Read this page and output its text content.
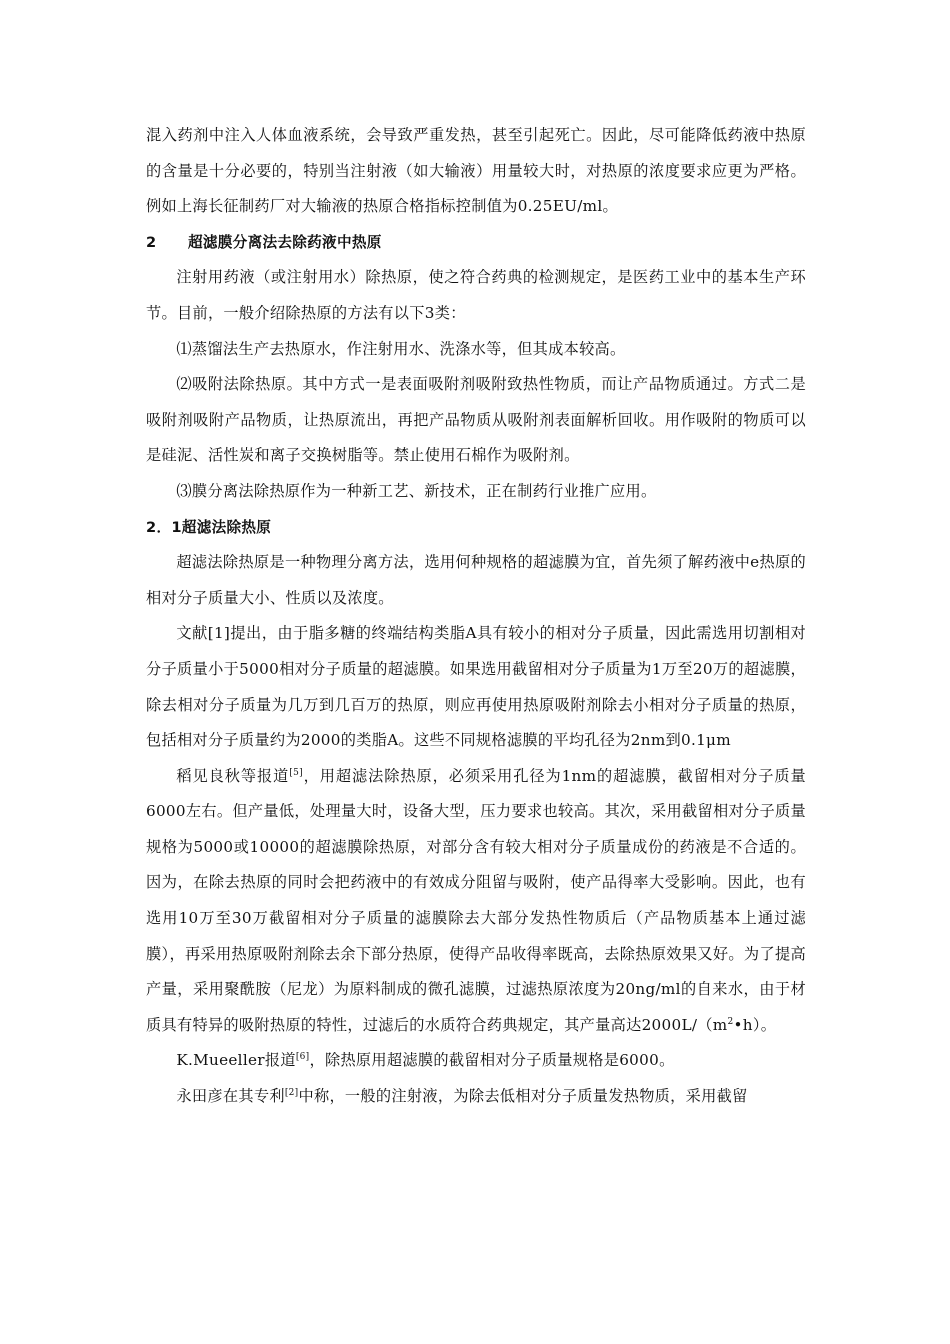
混入药剂中注入人体血液系统，会导致严重发热，甚至引起死亡。因此，尽可能降低药液中热原的含量是十分必要的，特别当注射液（如大输液）用量较大时，对热原的浓度要求应更为严格。例如上海长征制药厂对大输液的热原合格指标控制值为0.25EU/ml。

2 超滤膜分离法去除药液中热原

注射用药液（或注射用水）除热原，使之符合药典的检测规定，是医药工业中的基本生产环节。目前，一般介绍除热原的方法有以下3类：

⑴蒸馏法生产去热原水，作注射用水、洗涤水等，但其成本较高。

⑵吸附法除热原。其中方式一是表面吸附剂吸附致热性物质，而让产品物质通过。方式二是吸附剂吸附产品物质，让热原流出，再把产品物质从吸附剂表面解析回收。用作吸附的物质可以是硅泥、活性炭和离子交换树脂等。禁止使用石棉作为吸附剂。

⑶膜分离法除热原作为一种新工艺、新技术，正在制药行业推广应用。

2．1超滤法除热原

超滤法除热原是一种物理分离方法，选用何种规格的超滤膜为宜，首先须了解药液中e热原的相对分子质量大小、性质以及浓度。

文献[1]提出，由于脂多糖的终端结构类脂A具有较小的相对分子质量，因此需选用切割相对分子质量小于5000相对分子质量的超滤膜。如果选用截留相对分子质量为1万至20万的超滤膜，除去相对分子质量为几万到几百万的热原，则应再使用热原吸附剂除去小相对分子质量的热原，包括相对分子质量约为2000的类脂A。这些不同规格滤膜的平均孔径为2nm到0.1μm

稻见良秋等报道[5]，用超滤法除热原，必须采用孔径为1nm的超滤膜，截留相对分子质量6000左右。但产量低，处理量大时，设备大型，压力要求也较高。其次，采用截留相对分子质量规格为5000或10000的超滤膜除热原，对部分含有较大相对分子质量成份的药液是不合适的。因为，在除去热原的同时会把药液中的有效成分阻留与吸附，使产品得率大受影响。因此，也有选用10万至30万截留相对分子质量的滤膜除去大部分发热性物质后（产品物质基本上通过滤膜），再采用热原吸附剂除去余下部分热原，使得产品收得率既高，去除热原效果又好。为了提高产量，采用聚酰胺（尼龙）为原料制成的微孔滤膜，过滤热原浓度为20ng/ml的自来水，由于材质具有特异的吸附热原的特性，过滤后的水质符合药典规定，其产量高达$2000L/(m^2•h)$。

K.Mueeller报道[6]，除热原用超滤膜的截留相对分子质量规格是6000。

永田彦在其专利[2]中称，一般的注射液，为除去低相对分子质量发热物质，采用截留
